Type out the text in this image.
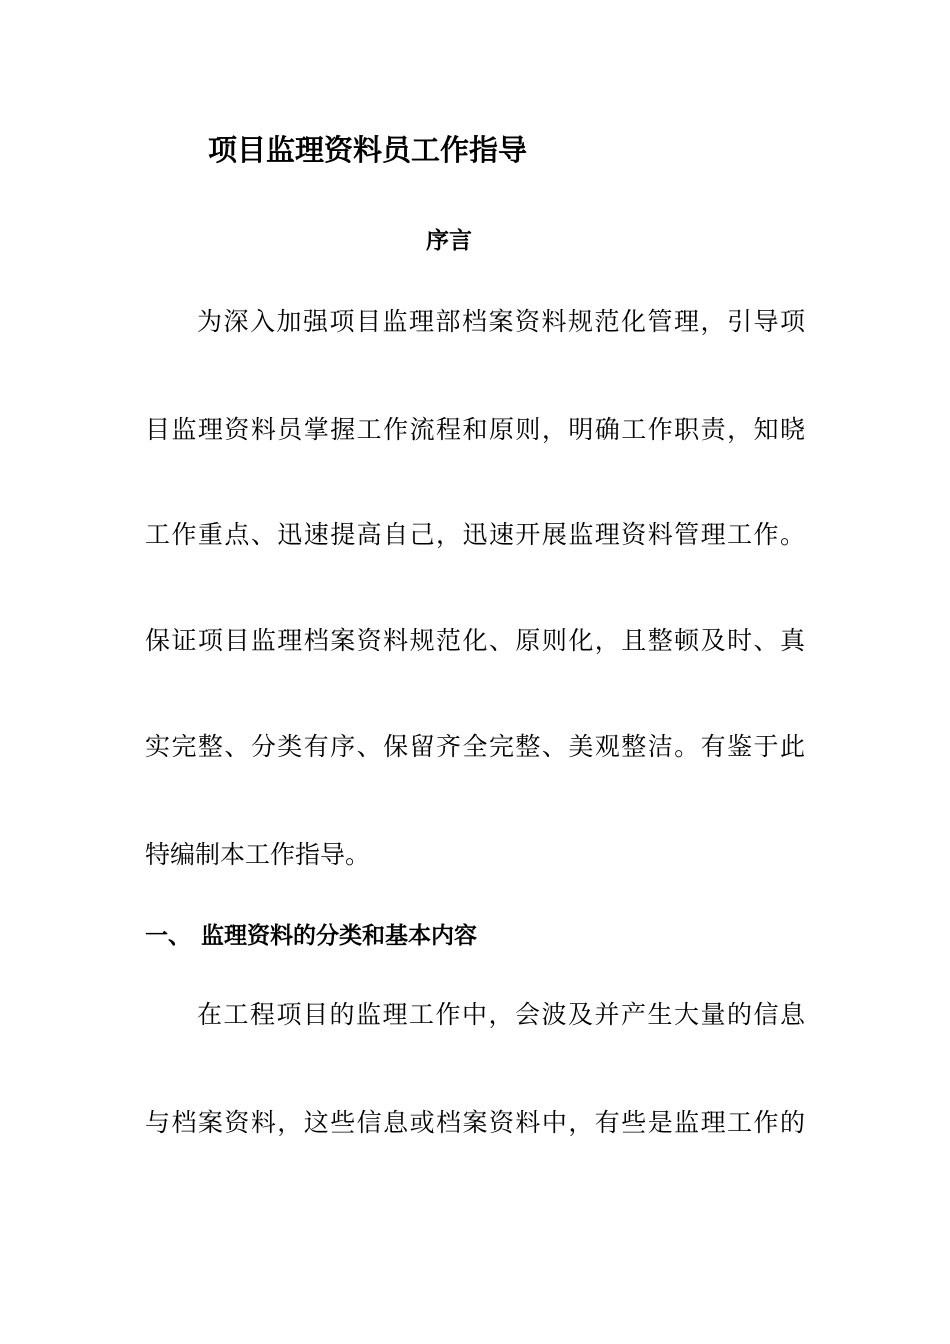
项目监理资料员工作指导
序言

为深入加强项目监理部档案资料规范化管理，引导项

目监理资料员掌握工作流程和原则，明确工作职责，知晓

工作重点、迅速提高自己，迅速开展监理资料管理工作。

保证项目监理档案资料规范化、原则化，且整顿及时、真

实完整、分类有序、保留齐全完整、美观整洁。有鉴于此

特编制本工作指导。

一、 监理资料的分类和基本内容

在工程项目的监理工作中，会波及并产生大量的信息

与档案资料，这些信息或档案资料中，有些是监理工作的
